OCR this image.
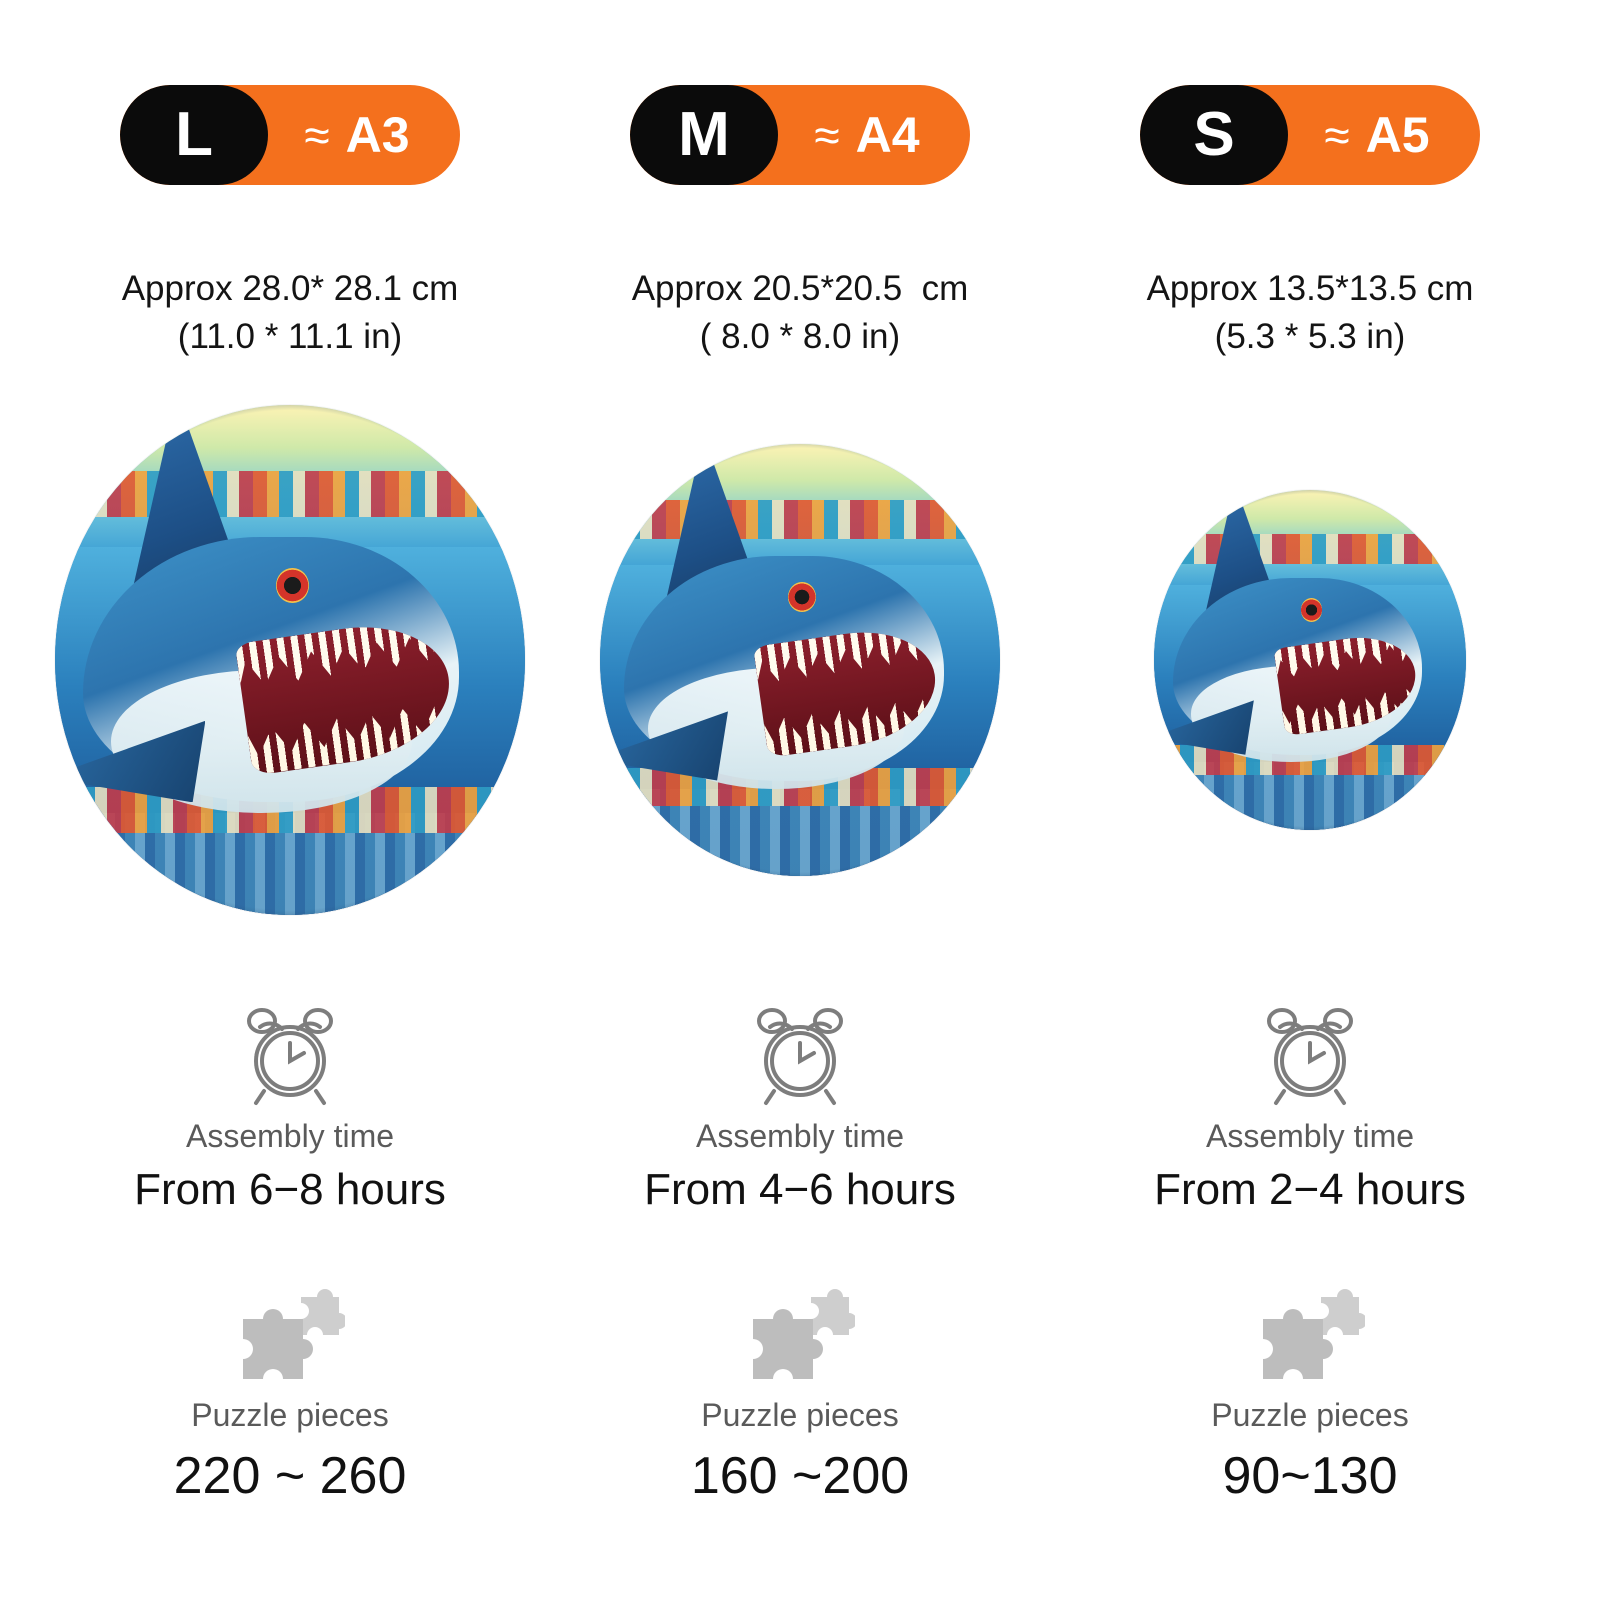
L ≈ A3
Approx 28.0* 28.1 cm
(11.0 * 11.1 in)
Assembly time
From 6−8 hours
Puzzle pieces
220 ~ 260
M ≈ A4
Approx 20.5*20.5  cm
( 8.0 * 8.0 in)
Assembly time
From 4−6 hours
Puzzle pieces
160 ~200
S ≈ A5
Approx 13.5*13.5 cm
(5.3 * 5.3 in)
Assembly time
From 2−4 hours
Puzzle pieces
90~130
